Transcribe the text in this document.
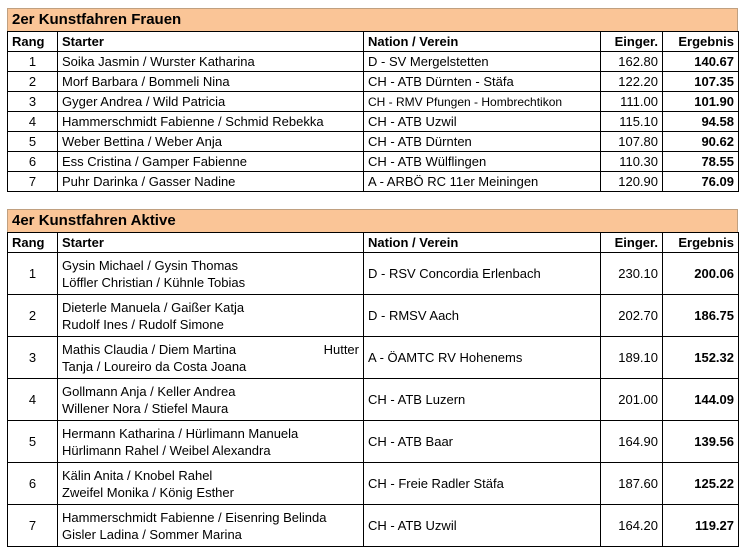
2er Kunstfahren Frauen
Rang	Starter	Nation / Verein	Einger.	Ergebnis
1	Soika Jasmin / Wurster Katharina	D - SV Mergelstetten	162.80	140.67
2	Morf Barbara / Bommeli Nina	CH - ATB Dürnten - Stäfa	122.20	107.35
3	Gyger Andrea / Wild Patricia	CH - RMV Pfungen - Hombrechtikon	111.00	101.90
4	Hammerschmidt Fabienne / Schmid Rebekka	CH - ATB Uzwil	115.10	94.58
5	Weber Bettina / Weber Anja	CH - ATB Dürnten	107.80	90.62
6	Ess Cristina / Gamper Fabienne	CH - ATB Wülflingen	110.30	78.55
7	Puhr Darinka / Gasser Nadine	A - ARBÖ RC 11er Meiningen	120.90	76.09
4er Kunstfahren Aktive
Rang	Starter	Nation / Verein	Einger.	Ergebnis
1	Gysin Michael / Gysin Thomas
Löffler Christian / Kühnle Tobias	D - RSV Concordia Erlenbach	230.10	200.06
2	Dieterle Manuela / Gaißer Katja
Rudolf Ines / Rudolf Simone	D - RMSV Aach	202.70	186.75
3	Mathis Claudia / Diem Martina Hutter
Tanja / Loureiro da Costa Joana	A - ÖAMTC RV Hohenems	189.10	152.32
4	Gollmann Anja / Keller Andrea
Willener Nora / Stiefel Maura	CH - ATB Luzern	201.00	144.09
5	Hermann Katharina / Hürlimann Manuela
Hürlimann Rahel / Weibel Alexandra	CH - ATB Baar	164.90	139.56
6	Kälin Anita / Knobel Rahel
Zweifel Monika / König Esther	CH - Freie Radler Stäfa	187.60	125.22
7	Hammerschmidt Fabienne / Eisenring Belinda
Gisler Ladina / Sommer Marina	CH - ATB Uzwil	164.20	119.27
